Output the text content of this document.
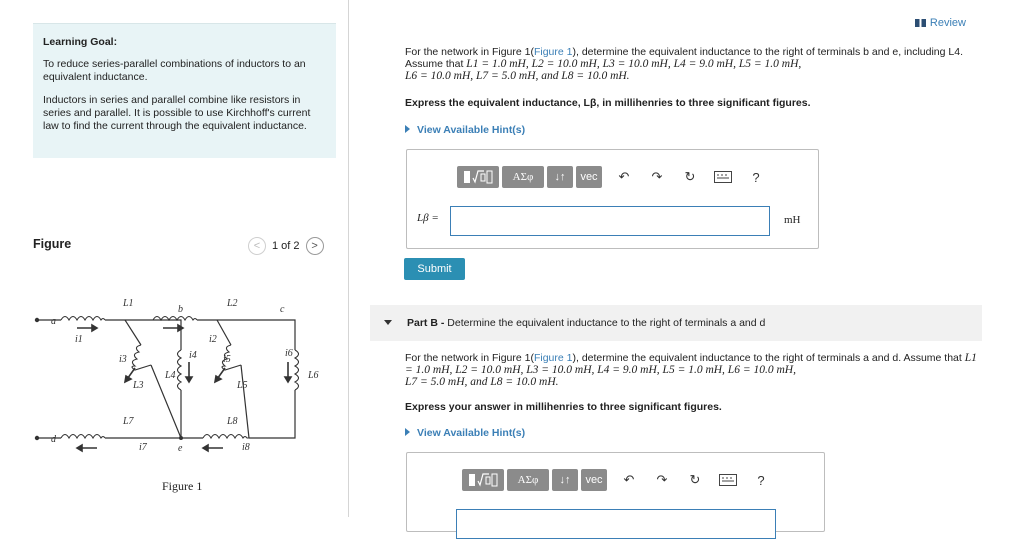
Learning Goal:
To reduce series-parallel combinations of inductors to an equivalent inductance.
Inductors in series and parallel combine like resistors in series and parallel. It is possible to use Kirchhoff's current law to find the current through the equivalent inductance.
Figure	<	1 of 2	>
a
d
b	c
e
L1	L2
L7	L8
L3
L4
L5
L6
i1	i2
i3	i4	i5
i6
i7	i8
Figure 1
Review
For the network in Figure 1(Figure 1), determine the equivalent inductance to the right of terminals b and e, including L4. Assume that L1 = 1.0 mH, L2 = 10.0 mH, L3 = 10.0 mH, L4 = 9.0 mH, L5 = 1.0 mH,
L6 = 10.0 mH, L7 = 5.0 mH, and L8 = 10.0 mH.
Express the equivalent inductance, Lβ, in millihenries to three significant figures.
View Available Hint(s)
ΑΣφ	↓↑	vec	↶	↷	↻	?
Lβ =	mH
Submit
Part B - Determine the equivalent inductance to the right of terminals a and d
For the network in Figure 1(Figure 1), determine the equivalent inductance to the right of terminals a and d. Assume that L1 = 1.0 mH, L2 = 10.0 mH, L3 = 10.0 mH, L4 = 9.0 mH, L5 = 1.0 mH, L6 = 10.0 mH,
L7 = 5.0 mH, and L8 = 10.0 mH.
Express your answer in millihenries to three significant figures.
View Available Hint(s)
ΑΣφ	↓↑	vec	↶	↷	↻	?
